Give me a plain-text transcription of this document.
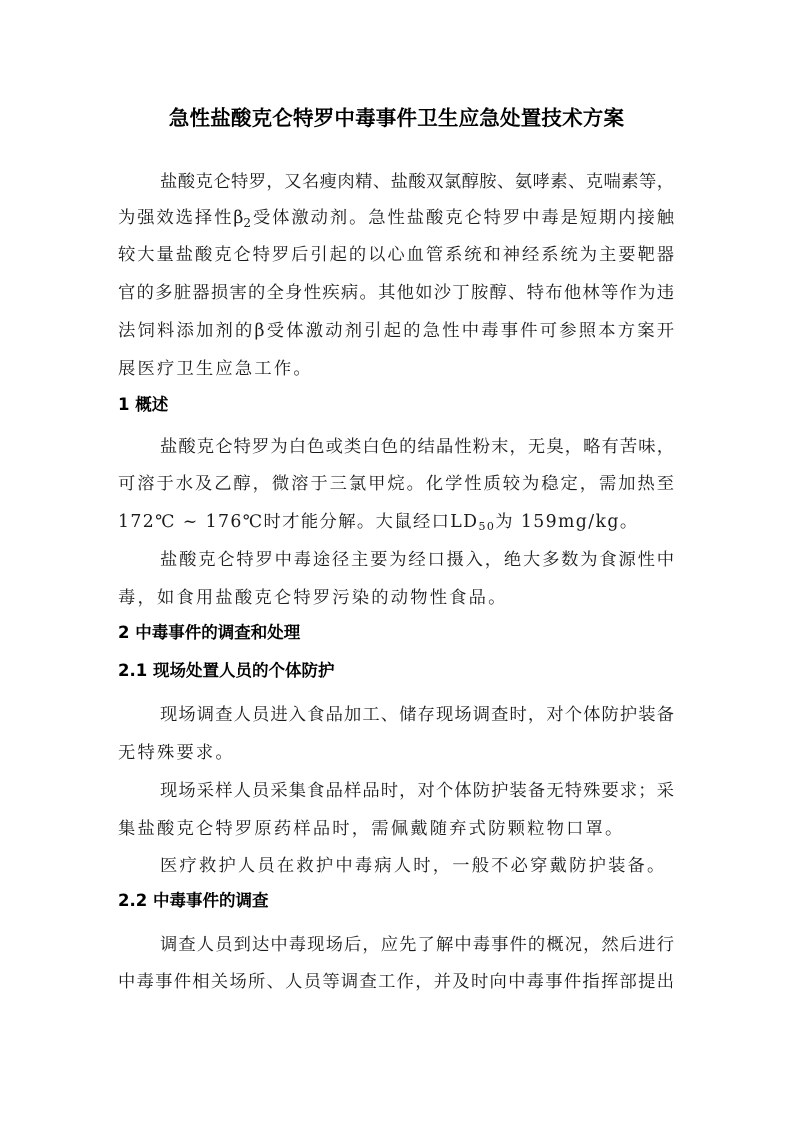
急性盐酸克仑特罗中毒事件卫生应急处置技术方案
盐酸克仑特罗，又名瘦肉精、盐酸双氯醇胺、氨哮素、克喘素等，
为强效选择性$\beta_2$受体激动剂。急性盐酸克仑特罗中毒是短期内接触
较大量盐酸克仑特罗后引起的以心血管系统和神经系统为主要靶器
官的多脏器损害的全身性疾病。其他如沙丁胺醇、特布他林等作为违
法饲料添加剂的β受体激动剂引起的急性中毒事件可参照本方案开
展医疗卫生应急工作。
1 概述
盐酸克仑特罗为白色或类白色的结晶性粉末，无臭，略有苦味，
可溶于水及乙醇，微溶于三氯甲烷。化学性质较为稳定，需加热至
172℃ ~ 176℃时才能分解。大鼠经口$LD_{50}$为 159mg/kg。
盐酸克仑特罗中毒途径主要为经口摄入，绝大多数为食源性中
毒，如食用盐酸克仑特罗污染的动物性食品。
2 中毒事件的调查和处理
2.1 现场处置人员的个体防护
现场调查人员进入食品加工、储存现场调查时，对个体防护装备
无特殊要求。
现场采样人员采集食品样品时，对个体防护装备无特殊要求；采
集盐酸克仑特罗原药样品时，需佩戴随弃式防颗粒物口罩。
医疗救护人员在救护中毒病人时，一般不必穿戴防护装备。
2.2 中毒事件的调查
调查人员到达中毒现场后，应先了解中毒事件的概况，然后进行
中毒事件相关场所、人员等调查工作，并及时向中毒事件指挥部提出
